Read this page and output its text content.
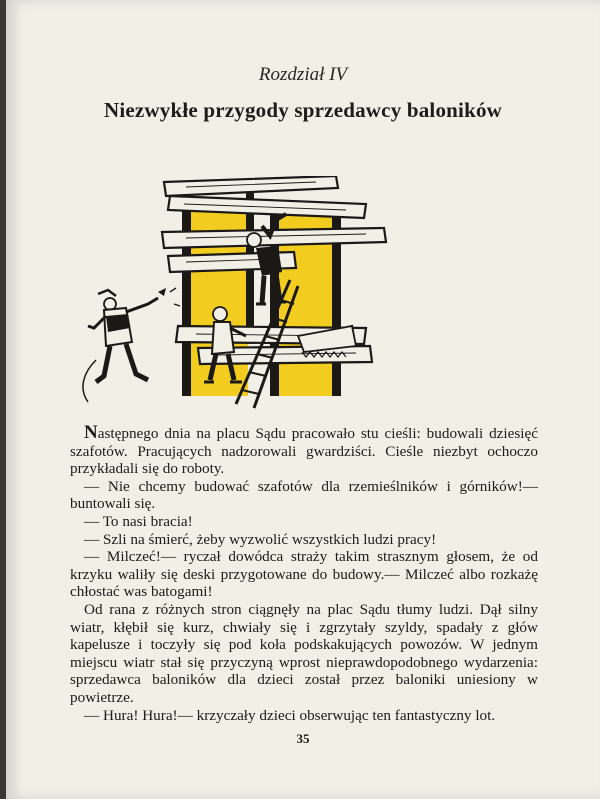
Rozdział IV
Niezwykłe przygody sprzedawcy baloników

Następnego dnia na placu Sądu pracowało stu cieśli: budowali dziesięć szafotów. Pracujących nadzorowali gwardziści. Cieśle niezbyt ochoczo przykładali się do roboty.

— Nie chcemy budować szafotów dla rzemieślników i górników!— buntowali się.

— To nasi bracia!

— Szli na śmierć, żeby wyzwolić wszystkich ludzi pracy!

— Milczeć!— ryczał dowódca straży takim strasznym głosem, że od krzyku waliły się deski przygotowane do budowy.— Milczeć albo rozkażę chłostać was batogami!

Od rana z różnych stron ciągnęły na plac Sądu tłumy ludzi. Dął silny wiatr, kłębił się kurz, chwiały się i zgrzytały szyldy, spadały z głów kapelusze i toczyły się pod koła podskakujących powozów. W jednym miejscu wiatr stał się przyczyną wprost nieprawdopodobnego wydarzenia: sprzedawca baloników dla dzieci został przez baloniki uniesiony w powietrze.

— Hura! Hura!— krzyczały dzieci obserwując ten fantastyczny lot.

35
